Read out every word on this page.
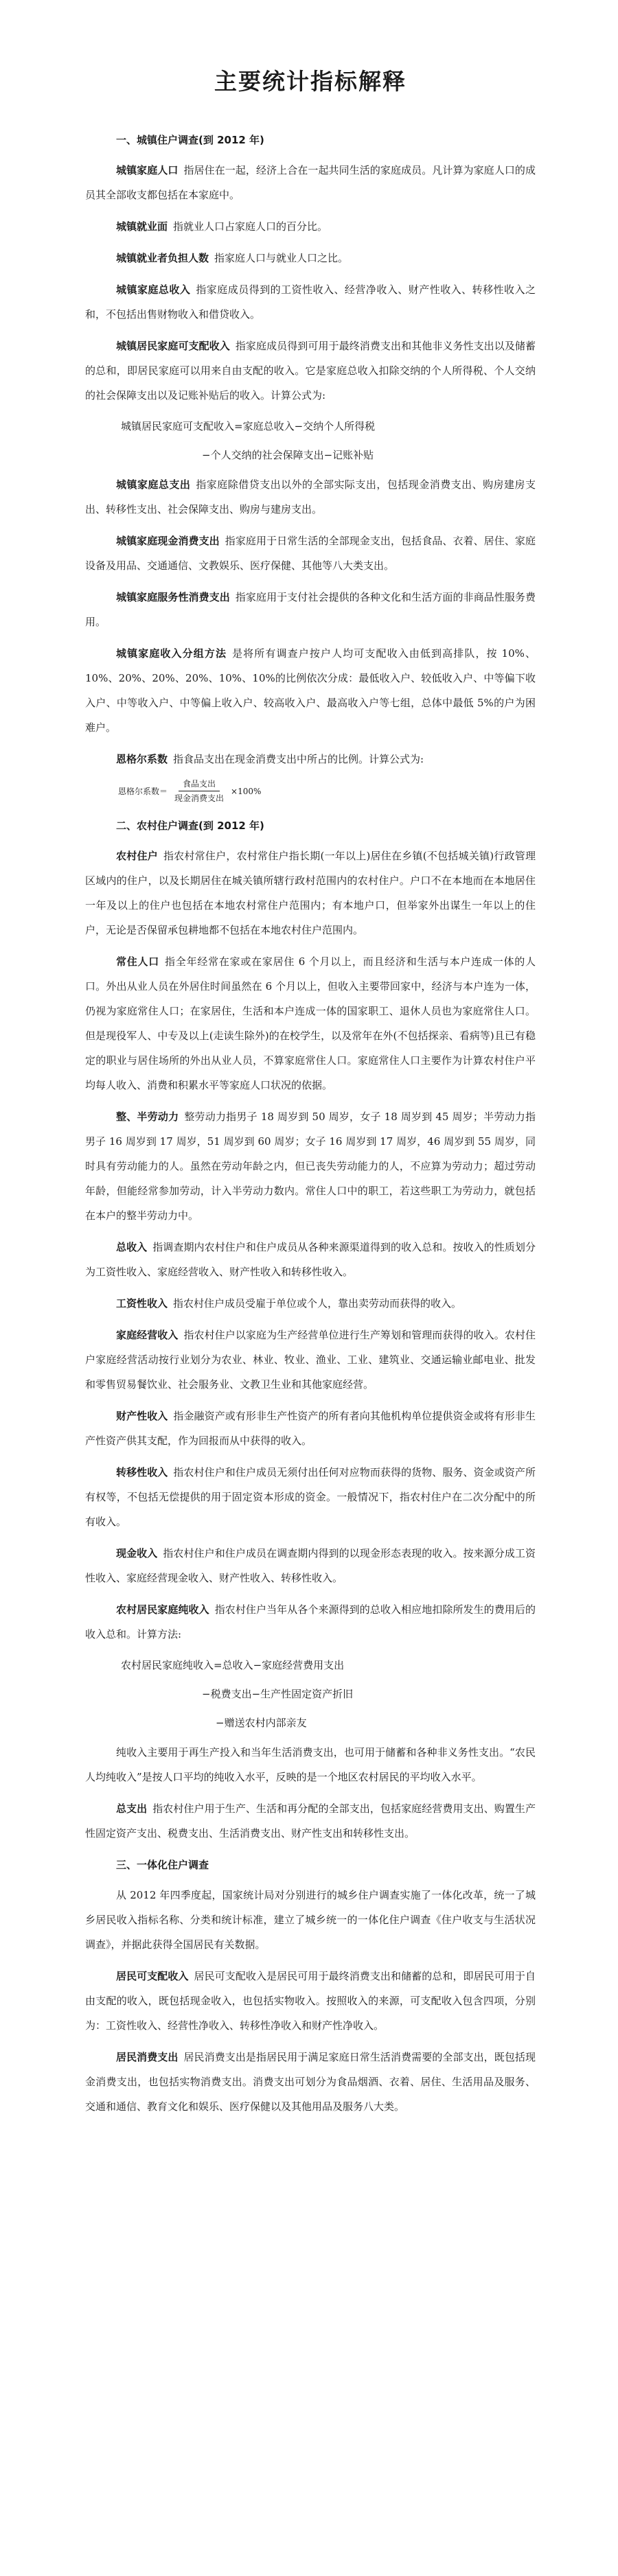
主要统计指标解释
一、城镇住户调查(到 2012 年)

城镇家庭人口 指居住在一起，经济上合在一起共同生活的家庭成员。凡计算为家庭人口的成员其全部收支都包括在本家庭中。

城镇就业面 指就业人口占家庭人口的百分比。

城镇就业者负担人数 指家庭人口与就业人口之比。

城镇家庭总收入 指家庭成员得到的工资性收入、经营净收入、财产性收入、转移性收入之和，不包括出售财物收入和借贷收入。

城镇居民家庭可支配收入 指家庭成员得到可用于最终消费支出和其他非义务性支出以及储蓄的总和，即居民家庭可以用来自由支配的收入。它是家庭总收入扣除交纳的个人所得税、个人交纳的社会保障支出以及记账补贴后的收入。计算公式为:

城镇居民家庭可支配收入=家庭总收入−交纳个人所得税
−个人交纳的社会保障支出−记账补贴

城镇家庭总支出 指家庭除借贷支出以外的全部实际支出，包括现金消费支出、购房建房支出、转移性支出、社会保障支出、购房与建房支出。

城镇家庭现金消费支出 指家庭用于日常生活的全部现金支出，包括食品、衣着、居住、家庭设备及用品、交通通信、文教娱乐、医疗保健、其他等八大类支出。

城镇家庭服务性消费支出 指家庭用于支付社会提供的各种文化和生活方面的非商品性服务费用。

城镇家庭收入分组方法 是将所有调查户按户人均可支配收入由低到高排队，按 10%、10%、20%、20%、20%、10%、10%的比例依次分成：最低收入户、较低收入户、中等偏下收入户、中等收入户、中等偏上收入户、较高收入户、最高收入户等七组，总体中最低 5%的户为困难户。

恩格尔系数 指食品支出在现金消费支出中所占的比例。计算公式为:

恩格尔系数＝ $\frac{\text{食品支出}}{\text{现金消费支出}} \times 100\%$
二、农村住户调查(到 2012 年)

农村住户 指农村常住户，农村常住户指长期(一年以上)居住在乡镇(不包括城关镇)行政管理区域内的住户，以及长期居住在城关镇所辖行政村范围内的农村住户。户口不在本地而在本地居住一年及以上的住户也包括在本地农村常住户范围内；有本地户口，但举家外出谋生一年以上的住户，无论是否保留承包耕地都不包括在本地农村住户范围内。

常住人口 指全年经常在家或在家居住 6 个月以上，而且经济和生活与本户连成一体的人口。外出从业人员在外居住时间虽然在 6 个月以上，但收入主要带回家中，经济与本户连为一体，仍视为家庭常住人口；在家居住，生活和本户连成一体的国家职工、退休人员也为家庭常住人口。但是现役军人、中专及以上(走读生除外)的在校学生，以及常年在外(不包括探亲、看病等)且已有稳定的职业与居住场所的外出从业人员，不算家庭常住人口。家庭常住人口主要作为计算农村住户平均每人收入、消费和积累水平等家庭人口状况的依据。

整、半劳动力 整劳动力指男子 18 周岁到 50 周岁，女子 18 周岁到 45 周岁；半劳动力指男子 16 周岁到 17 周岁，51 周岁到 60 周岁；女子 16 周岁到 17 周岁，46 周岁到 55 周岁，同时具有劳动能力的人。虽然在劳动年龄之内，但已丧失劳动能力的人，不应算为劳动力；超过劳动年龄，但能经常参加劳动，计入半劳动力数内。常住人口中的职工，若这些职工为劳动力，就包括在本户的整半劳动力中。

总收入 指调查期内农村住户和住户成员从各种来源渠道得到的收入总和。按收入的性质划分为工资性收入、家庭经营收入、财产性收入和转移性收入。

工资性收入 指农村住户成员受雇于单位或个人，靠出卖劳动而获得的收入。

家庭经营收入 指农村住户以家庭为生产经营单位进行生产筹划和管理而获得的收入。农村住户家庭经营活动按行业划分为农业、林业、牧业、渔业、工业、建筑业、交通运输业邮电业、批发和零售贸易餐饮业、社会服务业、文教卫生业和其他家庭经营。

财产性收入 指金融资产或有形非生产性资产的所有者向其他机构单位提供资金或将有形非生产性资产供其支配，作为回报而从中获得的收入。

转移性收入 指农村住户和住户成员无须付出任何对应物而获得的货物、服务、资金或资产所有权等，不包括无偿提供的用于固定资本形成的资金。一般情况下，指农村住户在二次分配中的所有收入。

现金收入 指农村住户和住户成员在调查期内得到的以现金形态表现的收入。按来源分成工资性收入、家庭经营现金收入、财产性收入、转移性收入。

农村居民家庭纯收入 指农村住户当年从各个来源得到的总收入相应地扣除所发生的费用后的收入总和。计算方法:

农村居民家庭纯收入=总收入−家庭经营费用支出
−税费支出−生产性固定资产折旧
−赠送农村内部亲友

纯收入主要用于再生产投入和当年生活消费支出，也可用于储蓄和各种非义务性支出。“农民人均纯收入”是按人口平均的纯收入水平，反映的是一个地区农村居民的平均收入水平。

总支出 指农村住户用于生产、生活和再分配的全部支出，包括家庭经营费用支出、购置生产性固定资产支出、税费支出、生活消费支出、财产性支出和转移性支出。

三、一体化住户调查

从 2012 年四季度起，国家统计局对分别进行的城乡住户调查实施了一体化改革，统一了城乡居民收入指标名称、分类和统计标准，建立了城乡统一的一体化住户调查《住户收支与生活状况调查》，并据此获得全国居民有关数据。

居民可支配收入 居民可支配收入是居民可用于最终消费支出和储蓄的总和，即居民可用于自由支配的收入，既包括现金收入，也包括实物收入。按照收入的来源，可支配收入包含四项，分别为：工资性收入、经营性净收入、转移性净收入和财产性净收入。

居民消费支出 居民消费支出是指居民用于满足家庭日常生活消费需要的全部支出，既包括现金消费支出，也包括实物消费支出。消费支出可划分为食品烟酒、衣着、居住、生活用品及服务、交通和通信、教育文化和娱乐、医疗保健以及其他用品及服务八大类。
